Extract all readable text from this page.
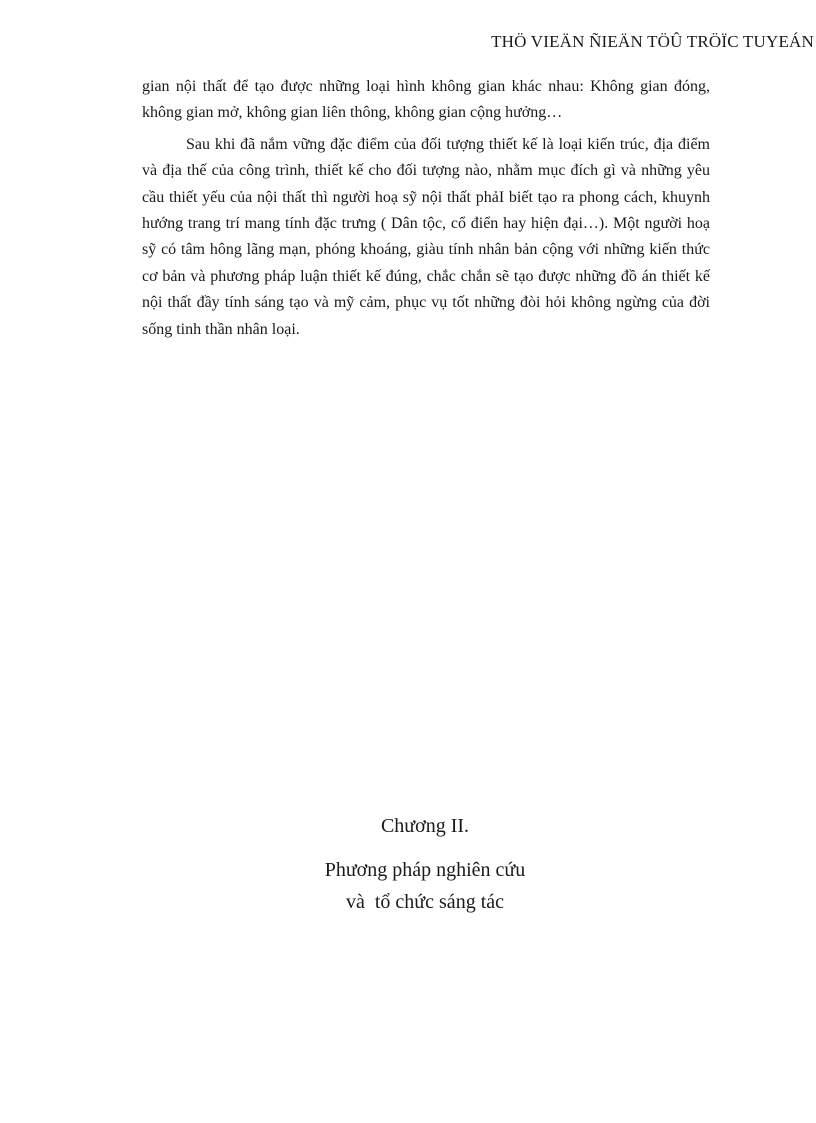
THÖ VIEÄN ÑIEÄN TÖÛ TRÖÏC TUYEÁN

gian nội thất để tạo được những loại hình không gian khác nhau: Không gian đóng, không gian mở, không gian liên thông, không gian cộng hưởng…

Sau khi đã nắm vững đặc điểm của đối tượng thiết kế là loại kiến trúc, địa điểm và địa thế của công trình, thiết kế cho đối tượng nào, nhằm mục đích gì và những yêu cầu thiết yếu của nội thất thì người hoạ sỹ nội thất phảI biết tạo ra phong cách, khuynh hướng trang trí mang tính đặc trưng ( Dân tộc, cổ điển hay hiện đại…). Một người hoạ sỹ có tâm hông lãng mạn, phóng khoáng, giàu tính nhân bản cộng với những kiến thức cơ bản và phương pháp luận thiết kế đúng, chắc chắn sẽ tạo được những đồ án thiết kế nội thất đầy tính sáng tạo và mỹ cảm, phục vụ tốt những đòi hỏi không ngừng của đời sống tinh thần nhân loại.

Chương II.
Phương pháp nghiên cứu
và  tổ chức sáng tác
